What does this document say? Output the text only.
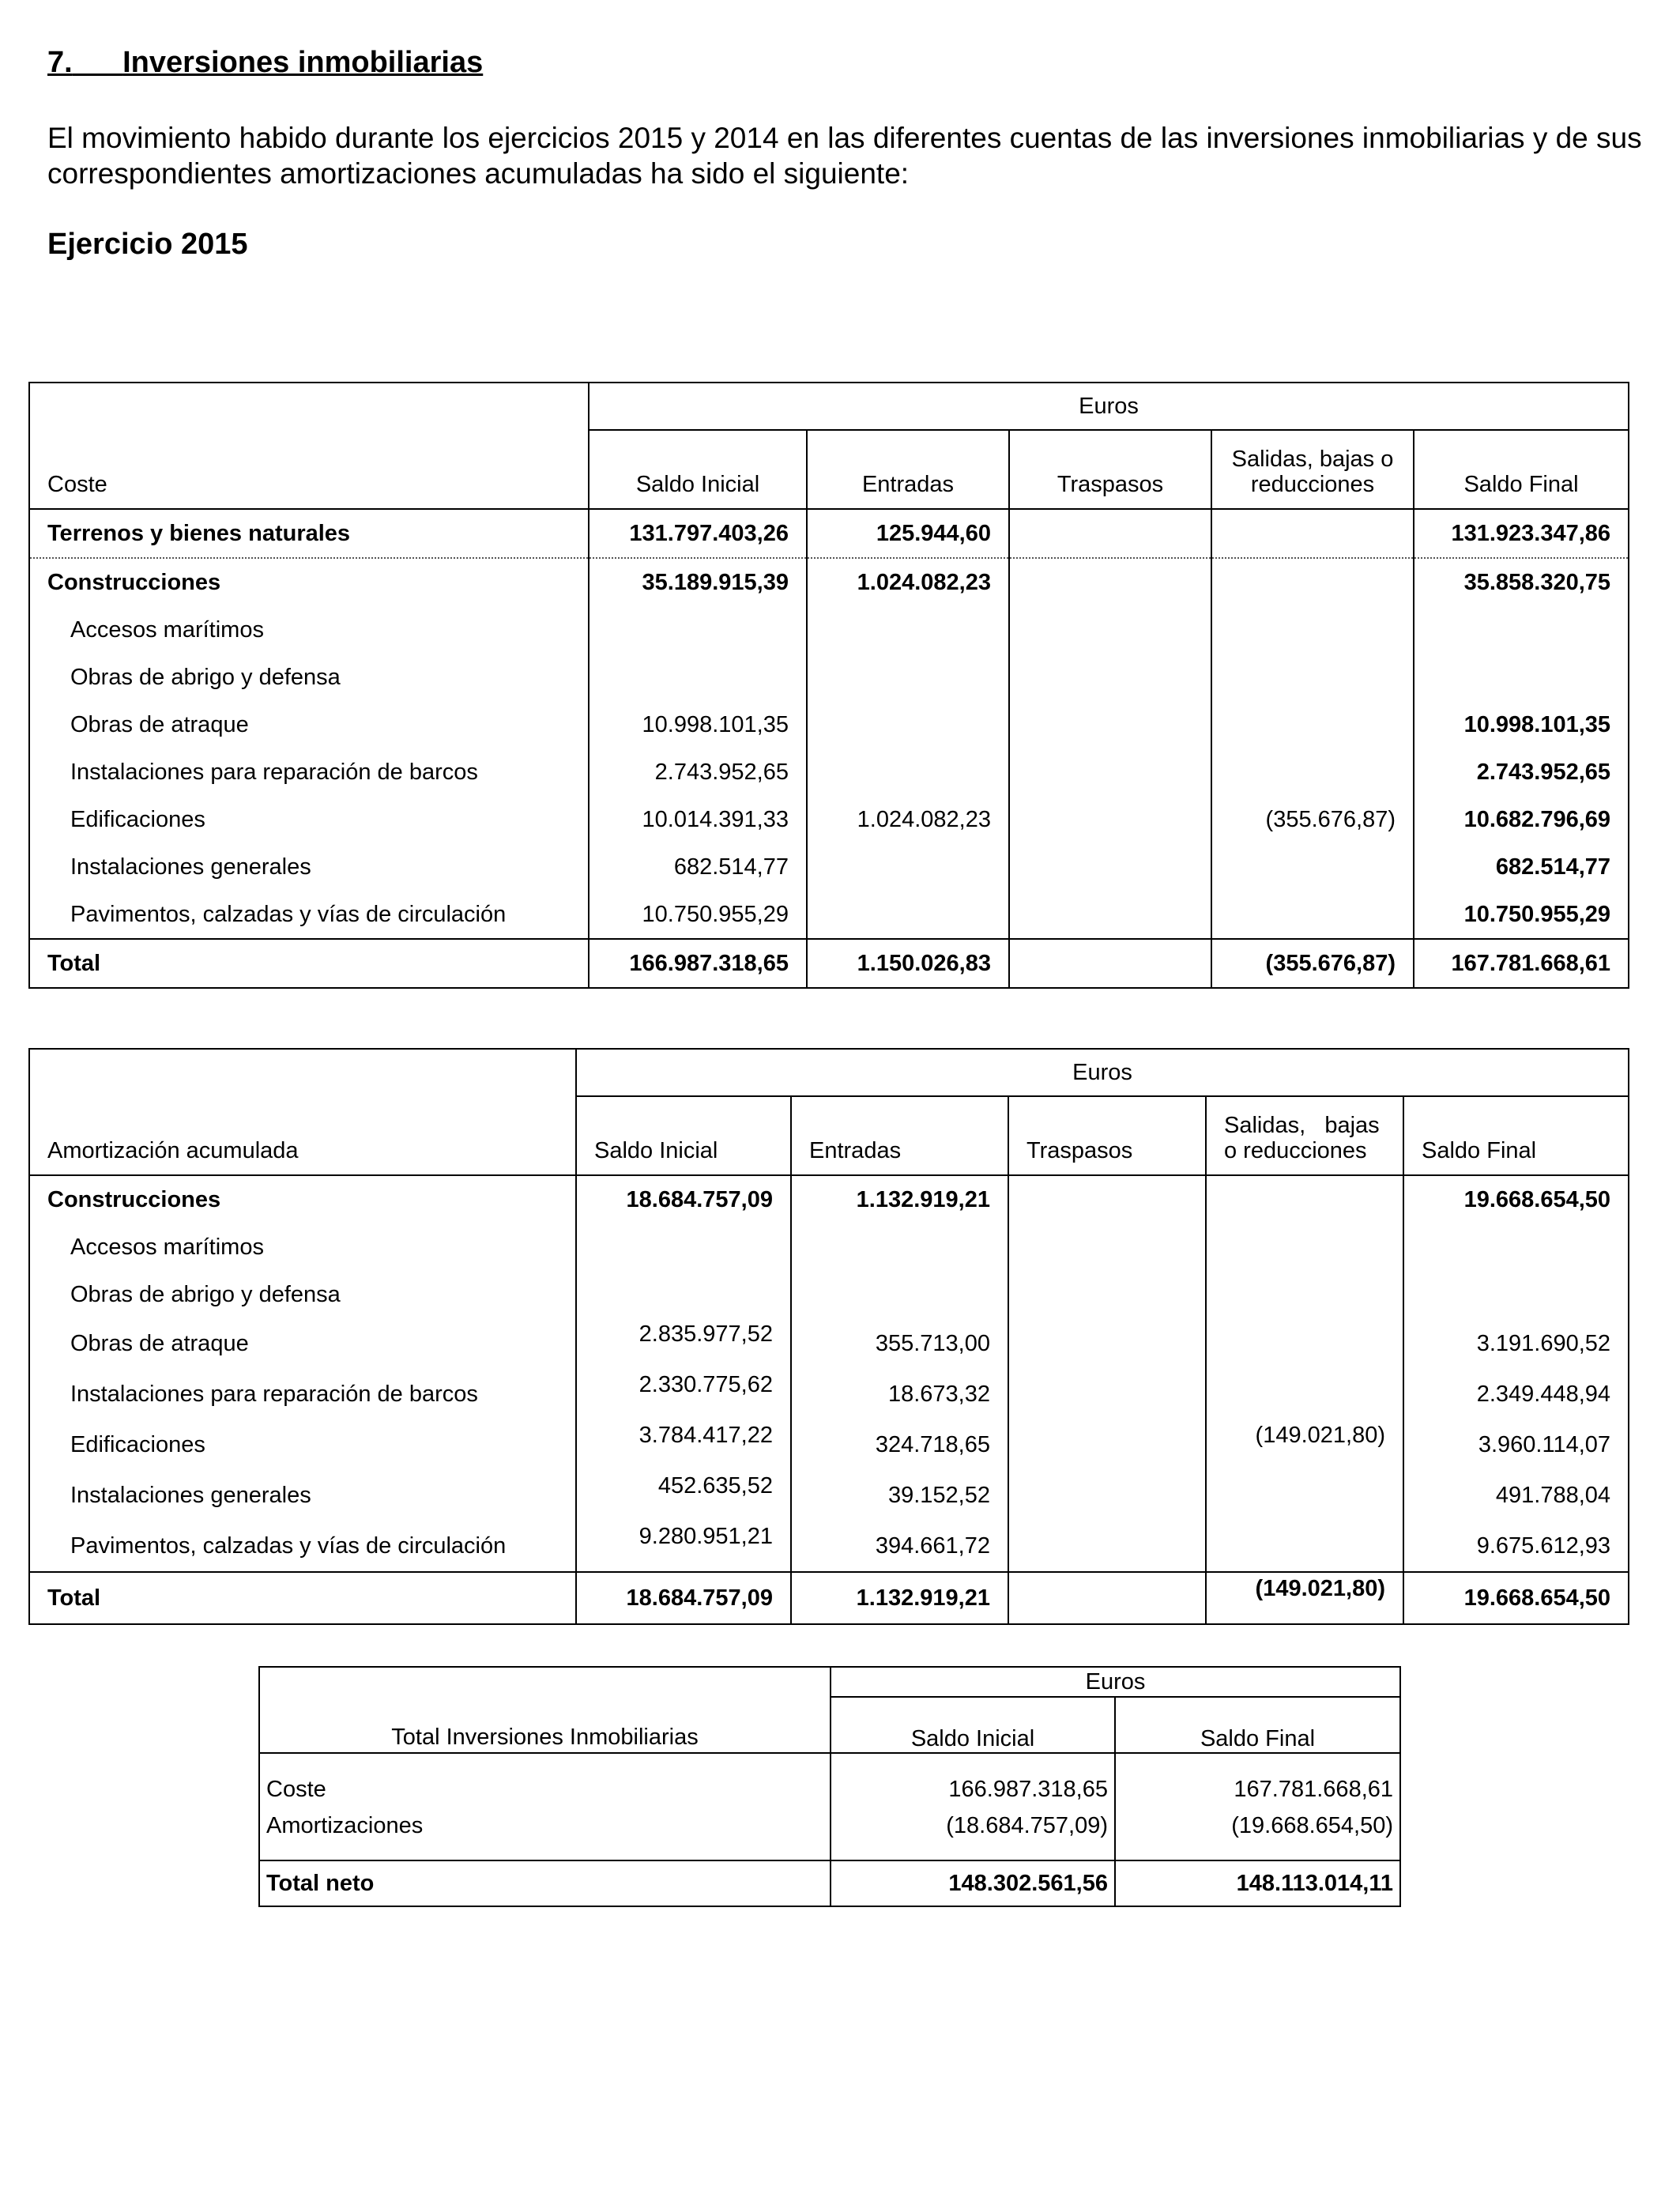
7. Inversiones inmobiliarias
El movimiento habido durante los ejercicios 2015 y 2014 en las diferentes cuentas de las inversiones inmobiliarias y de sus correspondientes amortizaciones acumuladas ha sido el siguiente:
Ejercicio 2015
	Euros				
Coste	Saldo Inicial	Entradas	Traspasos	Salidas, bajas o reducciones	Saldo Final
Terrenos y bienes naturales	131.797.403,26	125.944,60			131.923.347,86
Construcciones	35.189.915,39	1.024.082,23			35.858.320,75
Accesos marítimos					
Obras de abrigo y defensa					
Obras de atraque	10.998.101,35				10.998.101,35
Instalaciones para reparación de barcos	2.743.952,65				2.743.952,65
Edificaciones	10.014.391,33	1.024.082,23		(355.676,87)	10.682.796,69
Instalaciones generales	682.514,77				682.514,77
Pavimentos, calzadas y vías de circulación	10.750.955,29				10.750.955,29
Total	166.987.318,65	1.150.026,83		(355.676,87)	167.781.668,61
	Euros				
Amortización acumulada	Saldo Inicial	Entradas	Traspasos	Salidas,   bajas o reducciones	Saldo Final
Construcciones	18.684.757,09	1.132.919,21			19.668.654,50
Accesos marítimos					
Obras de abrigo y defensa					
Obras de atraque	2.835.977,52	355.713,00			3.191.690,52
Instalaciones para reparación de barcos	2.330.775,62	18.673,32			2.349.448,94
Edificaciones	3.784.417,22	324.718,65		(149.021,80)	3.960.114,07
Instalaciones generales	452.635,52	39.152,52			491.788,04
Pavimentos, calzadas y vías de circulación	9.280.951,21	394.661,72			9.675.612,93
Total	18.684.757,09	1.132.919,21		(149.021,80)	19.668.654,50
	Euros	
Total Inversiones Inmobiliarias	Saldo Inicial	Saldo Final

Coste	166.987.318,65	167.781.668,61
Amortizaciones	(18.684.757,09)	(19.668.654,50)

Total neto	148.302.561,56	148.113.014,11
